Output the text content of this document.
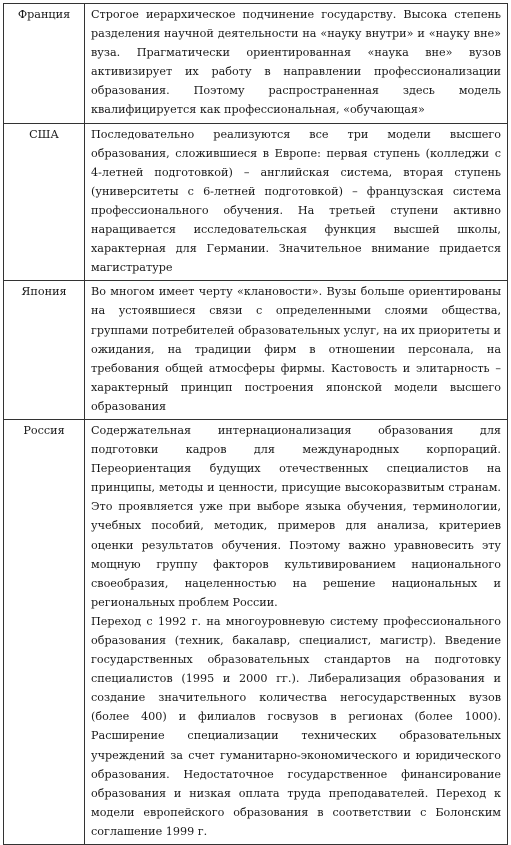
Франция	Строгое иерархическое подчинение государству. Высока степень разделения научной деятельности на «науку внутри» и «науку вне» вуза. Прагматически ориентированная «наука вне» вузов активизирует их работу в направлении профессионализации образования. Поэтому распространенная здесь модель квалифицируется как профессиональная, «обучающая»

США	Последовательно реализуются все три модели высшего образования, сложившиеся в Европе: первая ступень (колледжи с 4-летней подготовкой) – английская система, вторая ступень (университеты с 6-летней подготовкой) – французская система профессионального обучения. На третьей ступени активно наращивается исследовательская функция высшей школы, характерная для Германии. Значительное внимание придается магистратуре

Япония	Во многом имеет черту «клановости». Вузы больше ориентированы на устоявшиеся связи с определенными слоями общества, группами потребителей образовательных услуг, на их приоритеты и ожидания, на традиции фирм в отношении персонала, на требования общей атмосферы фирмы. Кастовость и элитарность – характерный принцип построения японской модели высшего образования

Россия	Содержательная интернационализация образования для подготовки кадров для международных корпораций. Переориентация будущих отечественных специалистов на принципы, методы и ценности, присущие высокоразвитым странам. Это проявляется уже при выборе языка обучения, терминологии, учебных пособий, методик, примеров для анализа, критериев оценки результатов обучения. Поэтому важно уравновесить эту мощную группу факторов культивированием национального своеобразия, нацеленностью на решение национальных и региональных проблем России.

Переход с 1992 г. на многоуровневую систему профессионального образования (техник, бакалавр, специалист, магистр). Введение государственных образовательных стандартов на подготовку специалистов (1995 и 2000 гг.). Либерализация образования и создание значительного количества негосударственных вузов (более 400) и филиалов госвузов в регионах (более 1000). Расширение специализации технических образовательных учреждений за счет гуманитарно-экономического и юридического образования. Недостаточное государственное финансирование образования и низкая оплата труда преподавателей. Переход к модели европейского образования в соответствии с Болонским соглашение 1999 г.
